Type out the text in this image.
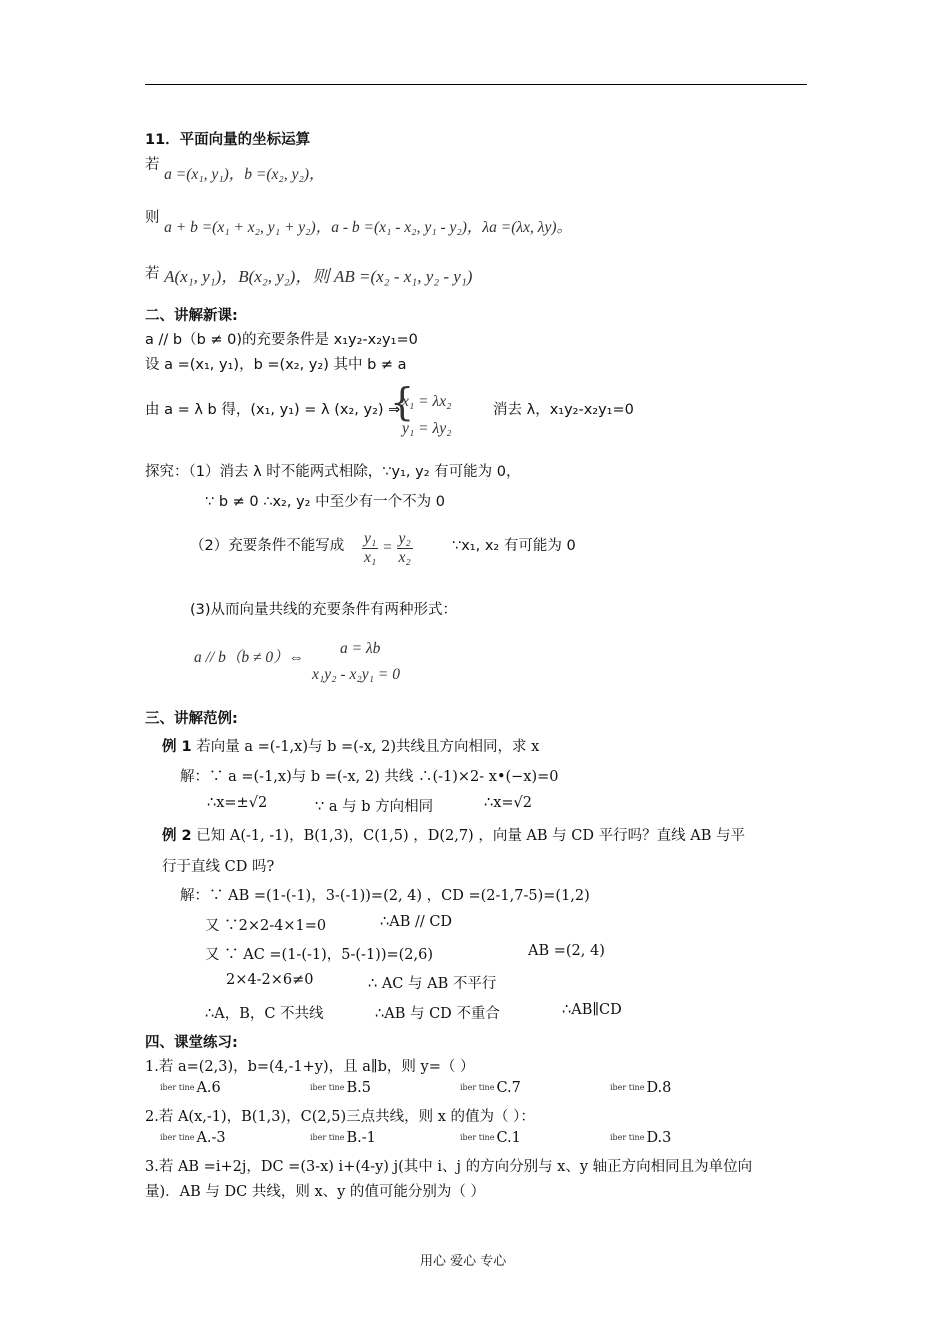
11．平面向量的坐标运算
若 a =(x₁, y₁)，b =(x₂, y₂)，
则 a + b =(x₁ + x₂, y₁ + y₂)，a - b =(x₁ - x₂, y₁ - y₂)，λa =(λx, λy)。
若 A(x₁, y₁)，B(x₂, y₂)，则 AB =(x₂ - x₁, y₂ - y₁)
二、讲解新课:
a // b（b ≠ 0)的充要条件是 x₁y₂-x₂y₁=0
设 a =(x₁, y₁)，b =(x₂, y₂) 其中 b ≠ a
由 a = λ b 得，(x₁, y₁) = λ (x₂, y₂) ⇒
{
x₁ = λx₂
y₁ = λy₂
消去 λ，x₁y₂-x₂y₁=0
探究：（1）消去 λ 时不能两式相除，∵y₁, y₂ 有可能为 0，
∵ b ≠ 0 ∴x₂, y₂ 中至少有一个不为 0
（2）充要条件不能写成 $\frac{\text{y₁}}{\text{x₁}} = \frac{\text{y₂}}{\text{x₂}}$	∵x₁, x₂ 有可能为 0
(3)从而向量共线的充要条件有两种形式：
a // b（b ≠ 0）⇔
a = λb
x₁y₂ - x₂y₁ = 0
三、讲解范例:
例 1 若向量 a =(-1,x)与 b =(-x, 2)共线且方向相同，求 x
解：∵ a =(-1,x)与 b =(-x, 2) 共线 ∴(-1)×2- x•(−x)=0
∴x=±√2	∵ a 与 b 方向相同	∴x=√2
例 2 已知 A(-1, -1)，B(1,3)，C(1,5) ，D(2,7) ，向量 AB 与 CD 平行吗？直线 AB 与平
行于直线 CD 吗?
解：∵ AB =(1-(-1)，3-(-1))=(2, 4) ，CD =(2-1,7-5)=(1,2)
又 ∵2×2-4×1=0	∴AB // CD
又 ∵ AC =(1-(-1)，5-(-1))=(2,6)	AB =(2, 4)
2×4-2×6≠0	∴ AC 与 AB 不平行
∴A，B，C 不共线	∴AB 与 CD 不重合	∴AB∥CD
四、课堂练习:
1.若 a=(2,3)，b=(4,-1+y)，且 a∥b，则 y=（ ）
iber tine A.6	iber tine B.5	iber tine C.7	iber tine D.8
2.若 A(x,-1)，B(1,3)，C(2,5)三点共线，则 x 的值为（ ）：
iber tine A.-3	iber tine B.-1	iber tine C.1	iber tine D.3
3.若 AB =i+2j，DC =(3-x) i+(4-y) j(其中 i、j 的方向分别与 x、y 轴正方向相同且为单位向
量)．AB 与 DC 共线，则 x、y 的值可能分别为（ ）
用心 爱心 专心
